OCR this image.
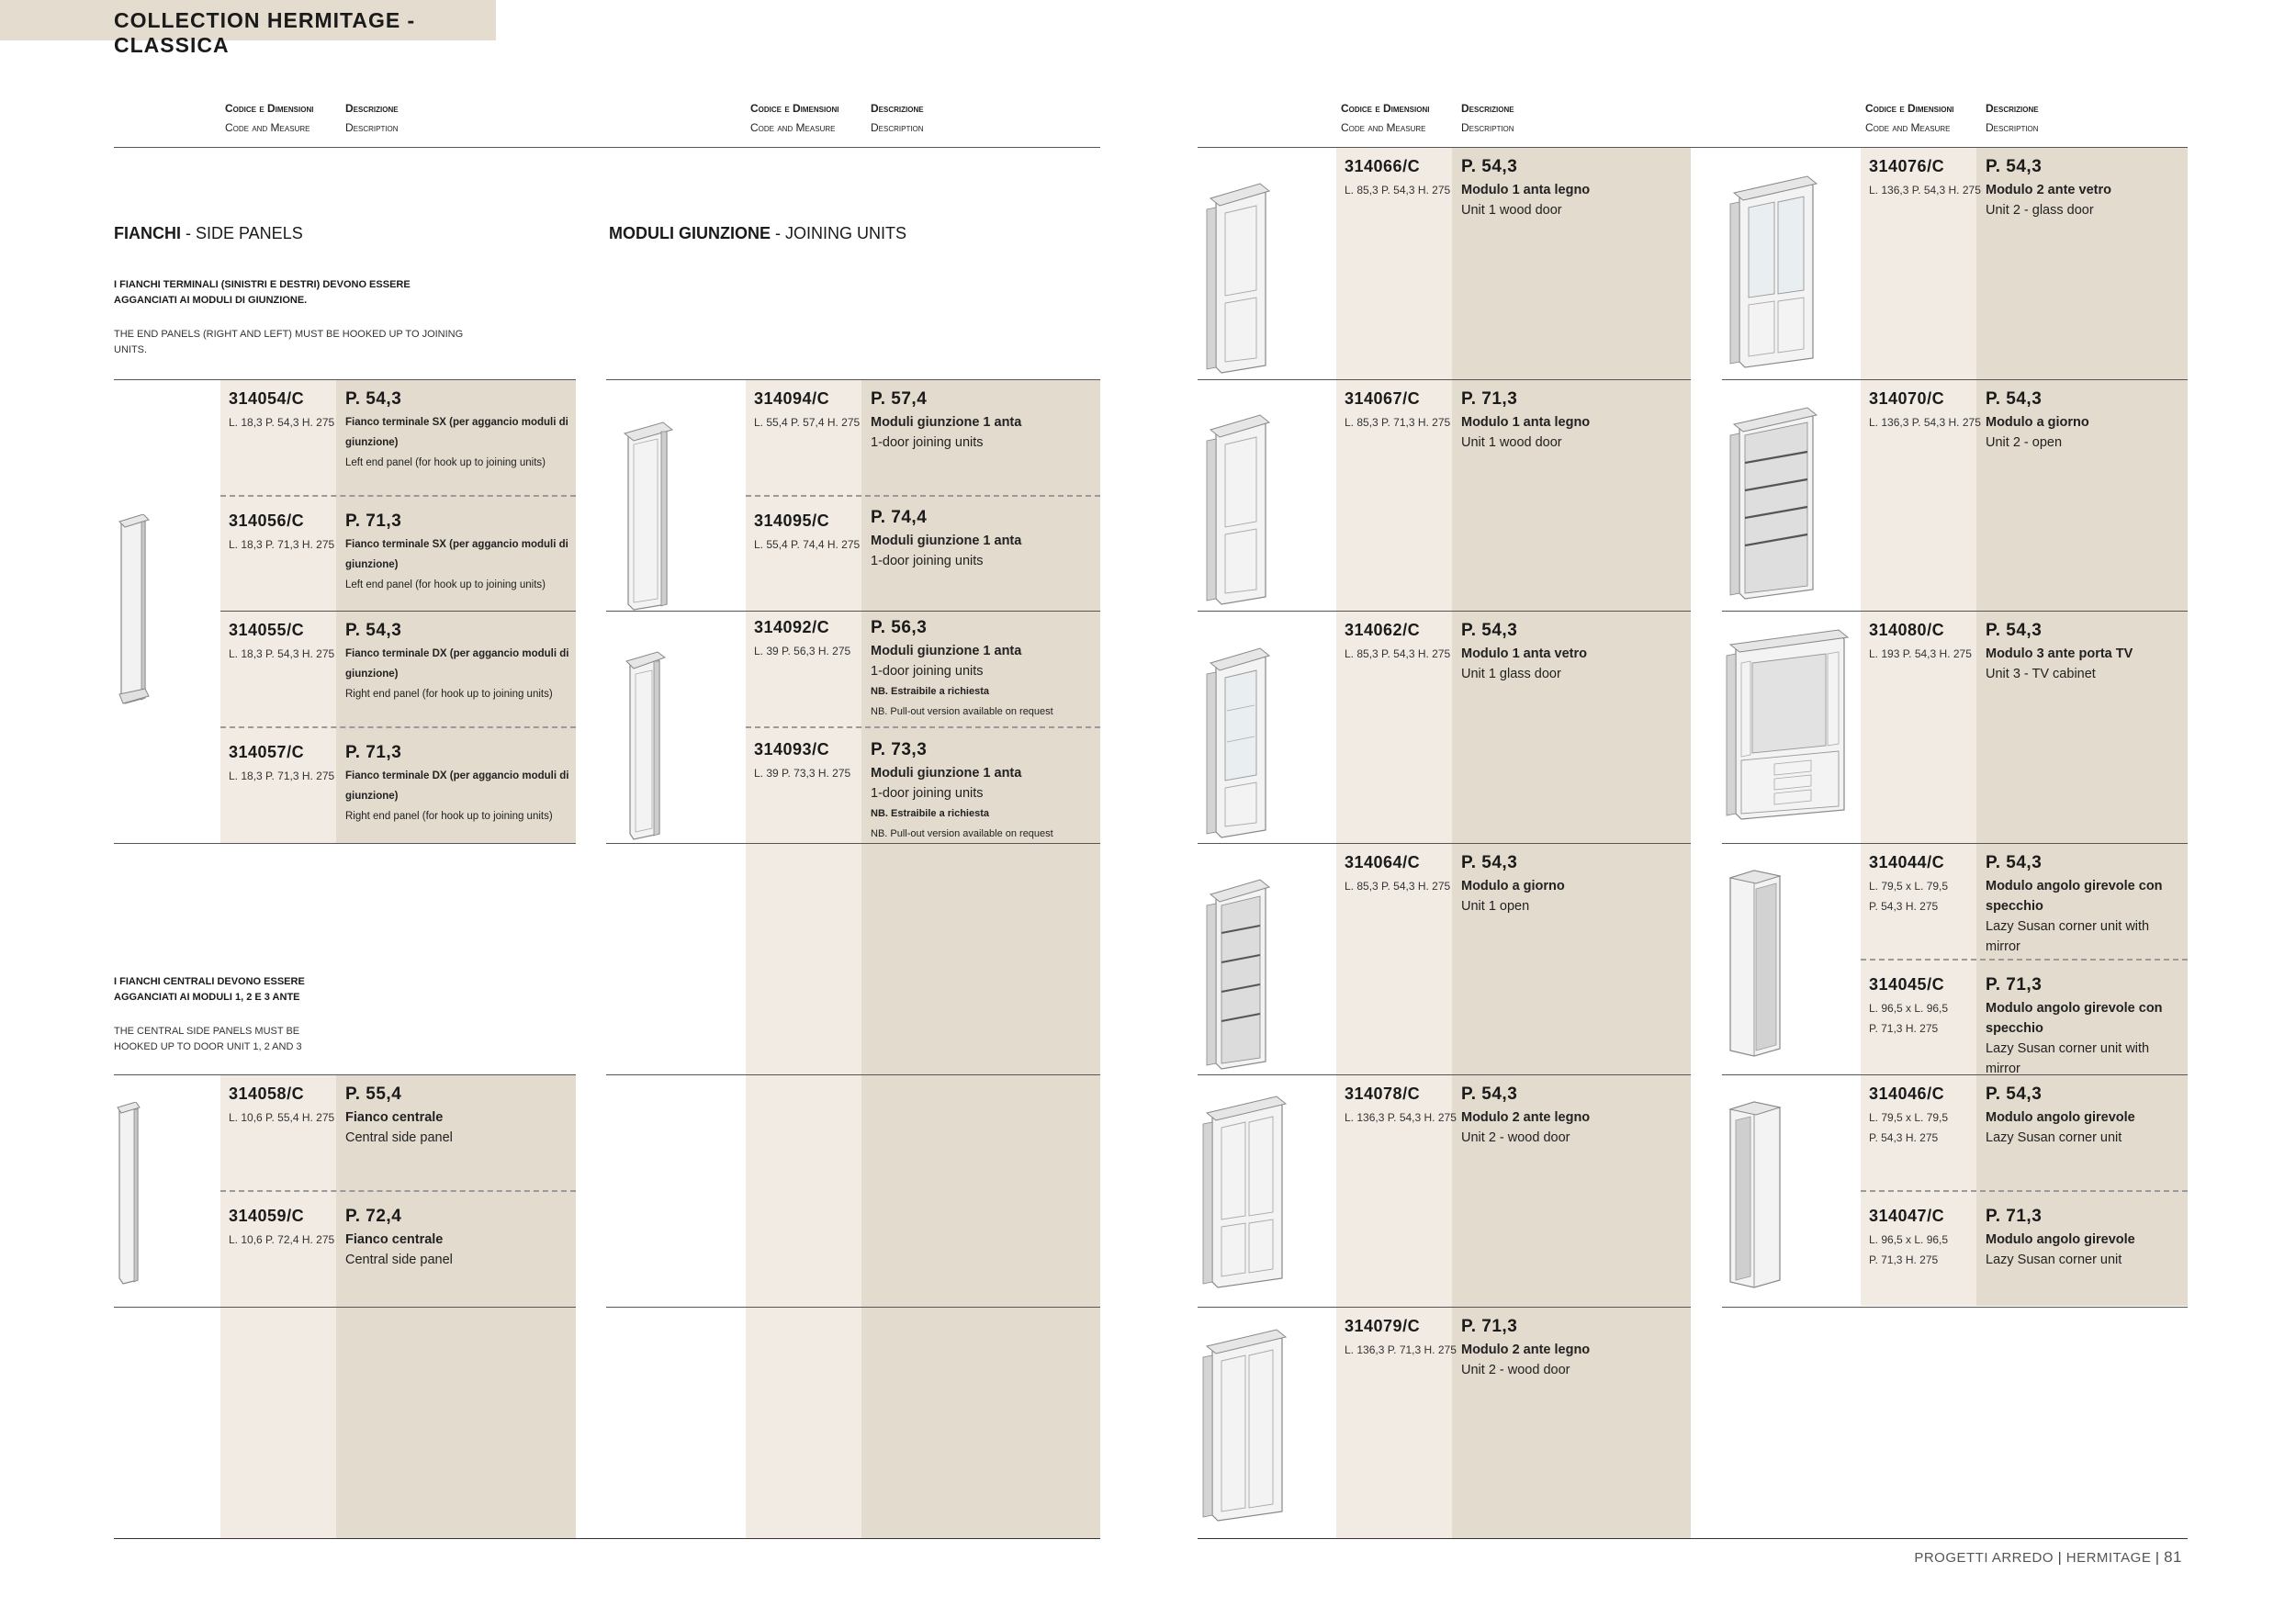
COLLECTION HERMITAGE - CLASSICA
Codice e Dimensioni
Code and Measure
Descrizione
Description
Codice e Dimensioni
Code and Measure
Descrizione
Description
Codice e Dimensioni
Code and Measure
Descrizione
Description
Codice e Dimensioni
Code and Measure
Descrizione
Description
FIANCHI - SIDE PANELS
I FIANCHI TERMINALI (SINISTRI E DESTRI) DEVONO ESSERE AGGANCIATI AI MODULI DI GIUNZIONE.
THE END PANELS (RIGHT AND LEFT) MUST BE HOOKED UP TO JOINING UNITS.
I FIANCHI CENTRALI DEVONO ESSERE AGGANCIATI AI MODULI 1, 2 E 3 ANTE
THE CENTRAL SIDE PANELS MUST BE HOOKED UP TO DOOR UNIT 1, 2 AND 3
MODULI GIUNZIONE - JOINING UNITS
314054/C
L. 18,3 P. 54,3 H. 275
P. 54,3
Fianco terminale SX (per aggancio moduli di giunzione)
Left end panel (for hook up to joining units)
314056/C
L. 18,3 P. 71,3 H. 275
P. 71,3
Fianco terminale SX (per aggancio moduli di giunzione)
Left end panel (for hook up to joining units)
314055/C
L. 18,3 P. 54,3 H. 275
P. 54,3
Fianco terminale DX (per aggancio moduli di giunzione)
Right end panel (for hook up to joining units)
314057/C
L. 18,3 P. 71,3 H. 275
P. 71,3
Fianco terminale DX (per aggancio moduli di giunzione)
Right end panel (for hook up to joining units)
314058/C
L. 10,6 P. 55,4 H. 275
P. 55,4
Fianco centrale
Central side panel
314059/C
L. 10,6 P. 72,4 H. 275
P. 72,4
Fianco centrale
Central side panel
314094/C
L. 55,4 P. 57,4 H. 275
P. 57,4
Moduli giunzione 1 anta
1-door joining units
314095/C
L. 55,4 P. 74,4 H. 275
P. 74,4
Moduli giunzione 1 anta
1-door joining units
314092/C
L. 39 P. 56,3 H. 275
P. 56,3
Moduli giunzione 1 anta
1-door joining units
NB. Estraibile a richiesta
NB. Pull-out version available on request
314093/C
L. 39 P. 73,3 H. 275
P. 73,3
Moduli giunzione 1 anta
1-door joining units
NB. Estraibile a richiesta
NB. Pull-out version available on request
314066/C
L. 85,3 P. 54,3 H. 275
P. 54,3
Modulo 1 anta legno
Unit 1 wood door
314067/C
L. 85,3 P. 71,3 H. 275
P. 71,3
Modulo 1 anta legno
Unit 1 wood door
314062/C
L. 85,3 P. 54,3 H. 275
P. 54,3
Modulo 1 anta vetro
Unit 1 glass door
314064/C
L. 85,3 P. 54,3 H. 275
P. 54,3
Modulo a giorno
Unit 1 open
314078/C
L. 136,3 P. 54,3 H. 275
P. 54,3
Modulo 2 ante legno
Unit 2 - wood door
314079/C
L. 136,3 P. 71,3 H. 275
P. 71,3
Modulo 2 ante legno
Unit 2 - wood door
314076/C
L. 136,3 P. 54,3 H. 275
P. 54,3
Modulo 2 ante vetro
Unit 2 - glass door
314070/C
L. 136,3 P. 54,3 H. 275
P. 54,3
Modulo a giorno
Unit 2 - open
314080/C
L. 193 P. 54,3 H. 275
P. 54,3
Modulo 3 ante porta TV
Unit 3 - TV cabinet
314044/C
L. 79,5 x L. 79,5
P. 54,3 H. 275
P. 54,3
Modulo angolo girevole con specchio
Lazy Susan corner unit with mirror
314045/C
L. 96,5 x L. 96,5
P. 71,3 H. 275
P. 71,3
Modulo angolo girevole con specchio
Lazy Susan corner unit with mirror
314046/C
L. 79,5 x L. 79,5
P. 54,3 H. 275
P. 54,3
Modulo angolo girevole
Lazy Susan corner unit
314047/C
L. 96,5 x L. 96,5
P. 71,3 H. 275
P. 71,3
Modulo angolo girevole
Lazy Susan corner unit
PROGETTI ARREDO | HERMITAGE | 81
